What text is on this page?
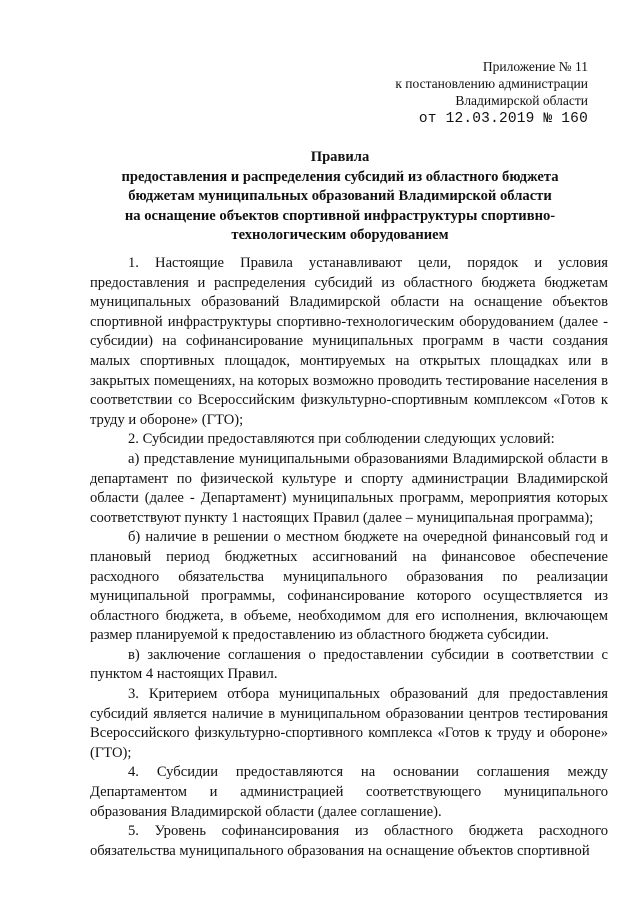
Приложение № 11
к постановлению администрации
Владимирской области
от 12.03.2019 № 160
Правила
предоставления и распределения субсидий из областного бюджета
бюджетам муниципальных образований Владимирской области
на оснащение объектов спортивной инфраструктуры спортивно-
технологическим оборудованием

1. Настоящие Правила устанавливают цели, порядок и условия предоставления и распределения субсидий из областного бюджета бюджетам муниципальных образований Владимирской области на оснащение объектов спортивной инфраструктуры спортивно-технологическим оборудованием (далее - субсидии) на софинансирование муниципальных программ в части создания малых спортивных площадок, монтируемых на открытых площадках или в закрытых помещениях, на которых возможно проводить тестирование населения в соответствии со Всероссийским физкультурно-спортивным комплексом «Готов к труду и обороне» (ГТО);

2. Субсидии предоставляются при соблюдении следующих условий:

а) представление муниципальными образованиями Владимирской области в департамент по физической культуре и спорту администрации Владимирской области (далее - Департамент) муниципальных программ, мероприятия которых соответствуют пункту 1 настоящих Правил (далее – муниципальная программа);

б) наличие в решении о местном бюджете на очередной финансовый год и плановый период бюджетных ассигнований на финансовое обеспечение расходного обязательства муниципального образования по реализации муниципальной программы, софинансирование которого осуществляется из областного бюджета, в объеме, необходимом для его исполнения, включающем размер планируемой к предоставлению из областного бюджета субсидии.

в) заключение соглашения о предоставлении субсидии в соответствии с пунктом 4 настоящих Правил.

3. Критерием отбора муниципальных образований для предоставления субсидий является наличие в муниципальном образовании центров тестирования Всероссийского физкультурно-спортивного комплекса «Готов к труду и обороне» (ГТО);

4. Субсидии предоставляются на основании соглашения между Департаментом и администрацией соответствующего муниципального образования Владимирской области (далее соглашение).

5. Уровень софинансирования из областного бюджета расходного обязательства муниципального образования на оснащение объектов спортивной
